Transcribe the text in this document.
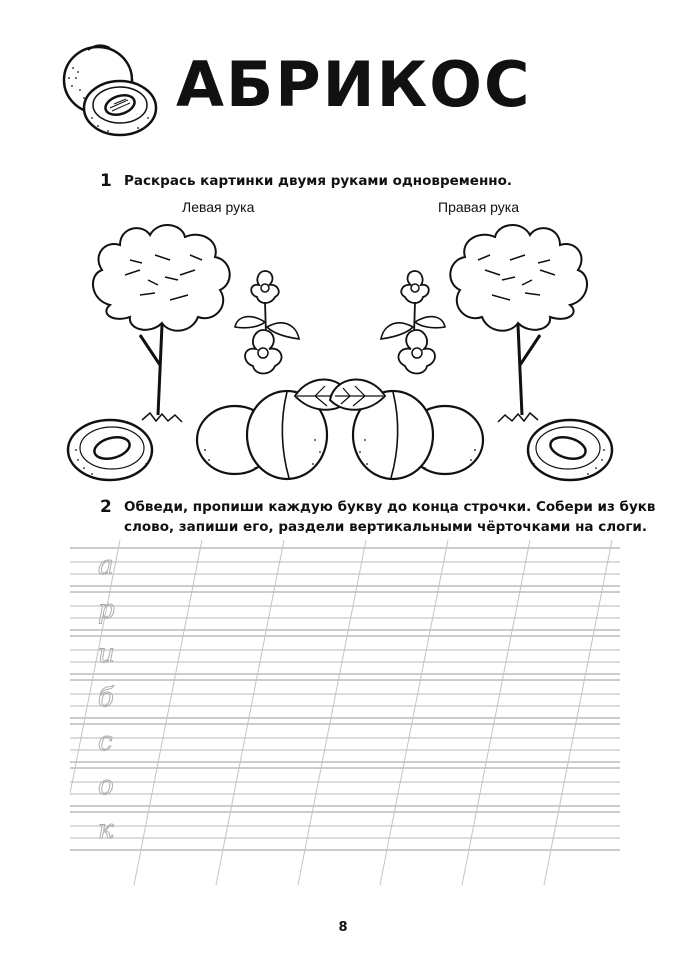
АБРИКОС
1 Раскрась картинки двумя руками одновременно.
Левая рука	Правая рука
2 Обведи, пропиши каждую букву до конца строчки. Собери из букв
слово, запиши его, раздели вертикальными чёрточками на слоги.
а
р
и
б
с
о
к
8
